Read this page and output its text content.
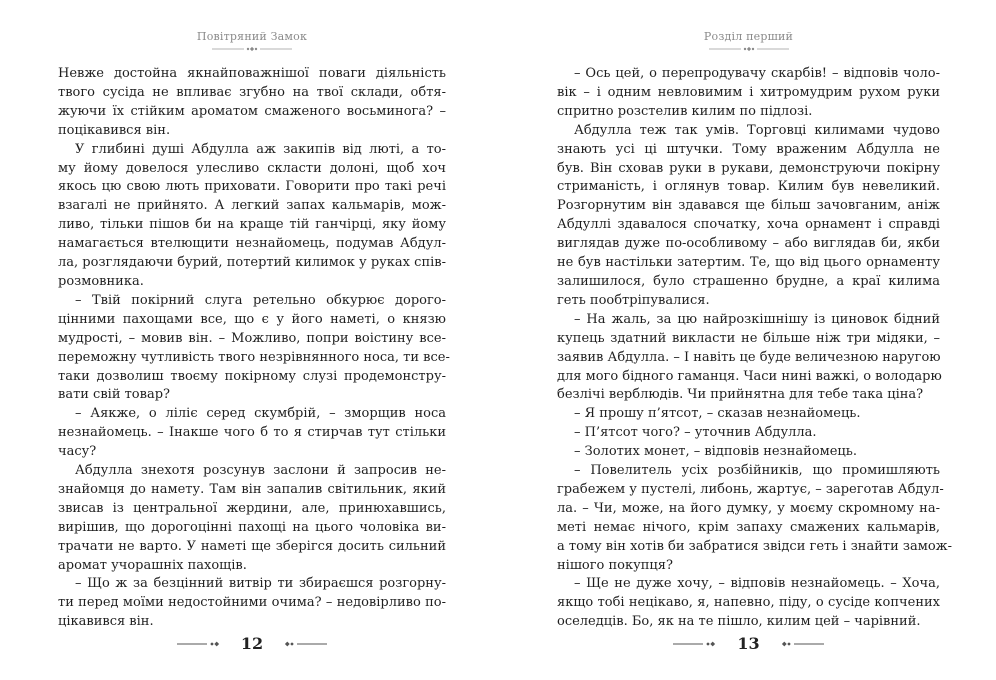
Повітряний Замок
Невже достойна якнайповажнішої поваги діяльність
твого сусіда не впливає згубно на твої склади, обтя-
жуючи їх стійким ароматом смаженого восьминога? –
поцікавився він.
У глибині душі Абдулла аж закипів від люті, а то-
му йому довелося улесливо скласти долоні, щоб хоч
якось цю свою лють приховати. Говорити про такі речі
взагалі не прийнято. А легкий запах кальмарів, мож-
ливо, тільки пішов би на краще тій ганчірці, яку йому
намагається втелющити незнайомець, подумав Абдул-
ла, розглядаючи бурий, потертий килимок у руках спів-
розмовника.
– Твій покірний слуга ретельно обкурює дорого-
цінними пахощами все, що є у його наметі, о князю
мудрості, – мовив він. – Можливо, попри воістину все-
переможну чутливість твого незрівнянного носа, ти все-
таки дозволиш твоєму покірному слузі продемонстру-
вати свій товар?
– Аякже, о ліліє серед скумбрій, – зморщив носа
незнайомець. – Інакше чого б то я стирчав тут стільки
часу?
Абдулла знехотя розсунув заслони й запросив не-
знайомця до намету. Там він запалив світильник, який
звисав із центральної жердини, але, принюхавшись,
вирішив, що дорогоцінні пахощі на цього чоловіка ви-
трачати не варто. У наметі ще зберігся досить сильний
аромат учорашніх пахощів.
– Що ж за безцінний витвір ти збираєшся розгорну-
ти перед моїми недостойними очима? – недовірливо по-
цікавився він.
12
Розділ перший
– Ось цей, о перепродувачу скарбів! – відповів чоло-
вік – і одним невловимим і хитромудрим рухом руки
спритно розстелив килим по підлозі.
Абдулла теж так умів. Торговці килимами чудово
знають усі ці штучки. Тому враженим Абдулла не
був. Він сховав руки в рукави, демонструючи покірну
стриманість, і оглянув товар. Килим був невеликий.
Розгорнутим він здавався ще більш зачовганим, аніж
Абдуллі здавалося спочатку, хоча орнамент і справді
виглядав дуже по-особливому – або виглядав би, якби
не був настільки затертим. Те, що від цього орнаменту
залишилося, було страшенно брудне, а краї килима
геть пообтріпувалися.
– На жаль, за цю найрозкішнішу із циновок бідний
купець здатний викласти не більше ніж три мідяки, –
заявив Абдулла. – І навіть це буде величезною наругою
для мого бідного гаманця. Часи нині важкі, о володарю
безлічі верблюдів. Чи прийнятна для тебе така ціна?
– Я прошу п’ятсот, – сказав незнайомець.
– П’ятсот чого? – уточнив Абдулла.
– Золотих монет, – відповів незнайомець.
– Повелитель усіх розбійників, що промишляють
грабежем у пустелі, либонь, жартує, – зареготав Абдул-
ла. – Чи, може, на його думку, у моєму скромному на-
меті немає нічого, крім запаху смажених кальмарів,
а тому він хотів би забратися звідси геть і знайти замож-
нішого покупця?
– Ще не дуже хочу, – відповів незнайомець. – Хоча,
якщо тобі нецікаво, я, напевно, піду, о сусіде копчених
оселедців. Бо, як на те пішло, килим цей – чарівний.
13
